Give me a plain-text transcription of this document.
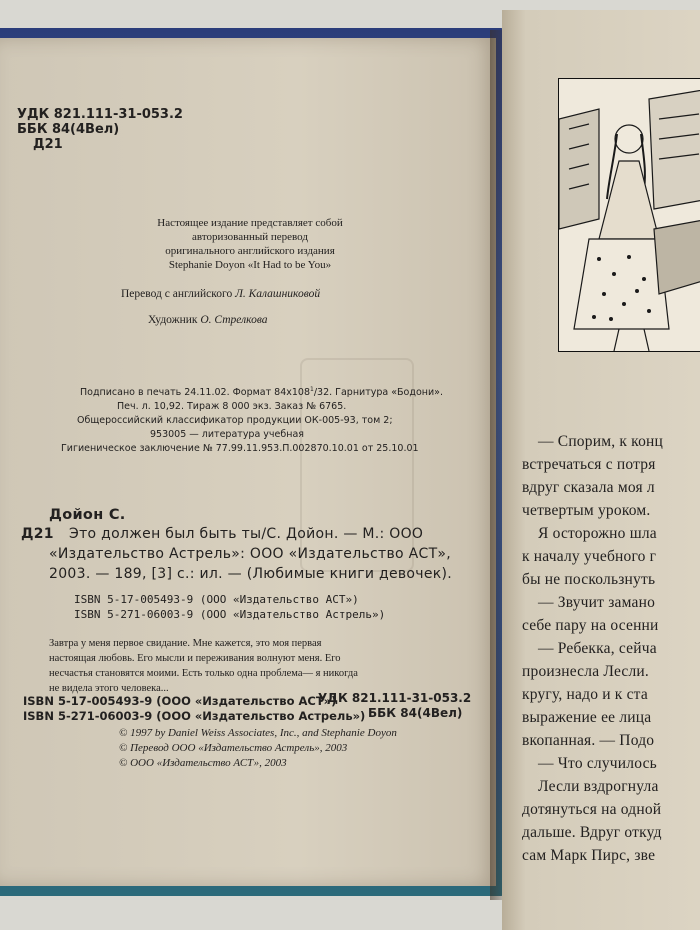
УДК 821.111-31-053.2
ББК 84(4Вел)
Д21
Настоящее издание представляет собой
авторизованный перевод
оригинального английского издания
Stephanie Doyon «It Had to be You»
Перевод с английского Л. Калашниковой
Художник О. Стрелкова
Подписано в печать 24.11.02. Формат $84х108^1/32$. Гарнитура «Бодони».
Печ. л. 10,92. Тираж 8 000 экз. Заказ № 6765.
Общероссийский классификатор продукции ОК-005-93, том 2;
953005 — литература учебная
Гигиеническое заключение № 77.99.11.953.П.002870.10.01 от 25.10.01
Дойон С.
Д21 Это должен был быть ты/С. Дойон. — М.: ООО
«Издательство Астрель»: ООО «Издательство АСТ»,
2003. — 189, [3] с.: ил. — (Любимые книги девочек).
ISBN 5-17-005493-9 (ООО «Издательство АСТ»)
ISBN 5-271-06003-9 (ООО «Издательство Астрель»)
Завтра у меня первое свидание. Мне кажется, это моя первая
настоящая любовь. Его мысли и переживания волнуют меня. Его
несчастья становятся моими. Есть только одна проблема— я никогда
не видела этого человека...
УДК 821.111-31-053.2
ББК 84(4Вел)
ISBN 5-17-005493-9 (ООО «Издательство АСТ»)
ISBN 5-271-06003-9 (ООО «Издательство Астрель»)
© 1997 by Daniel Weiss Associates, Inc., and Stephanie Doyon
© Перевод ООО «Издательство Астрель», 2003
© ООО «Издательство АСТ», 2003
— Спорим, к конц
встречаться с потря
вдруг сказала моя л
четвертым уроком.
Я осторожно шла
к началу учебного г
бы не поскользнуть
— Звучит замано
себе пару на осенни
— Ребекка, сейча
произнесла Лесли.
кругу, надо и к ста
выражение ее лица
вкопанная. — Подо
— Что случилось
Лесли вздрогнула
дотянуться на одной
дальше. Вдруг откуд
сам Марк Пирс, зве
